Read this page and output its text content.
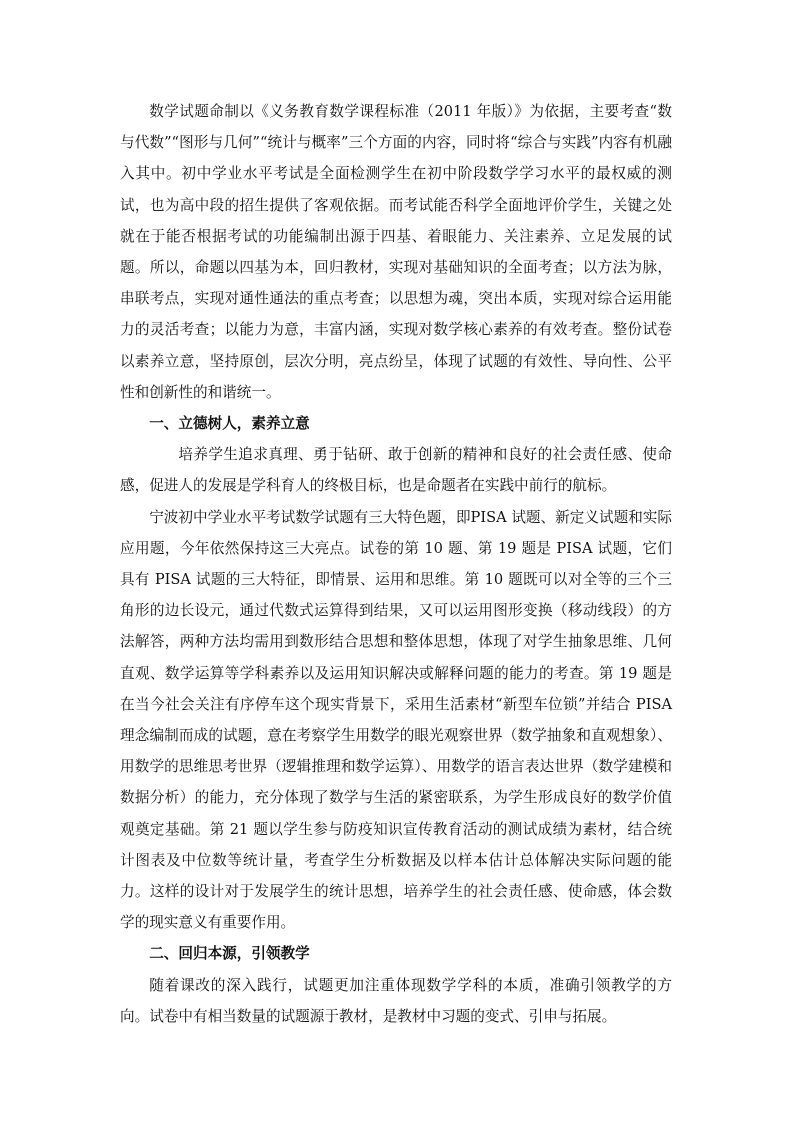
数学试题命制以《义务教育数学课程标准（2011 年版）》为依据，主要考查“数与代数”“图形与几何”“统计与概率”三个方面的内容，同时将“综合与实践”内容有机融入其中。初中学业水平考试是全面检测学生在初中阶段数学学习水平的最权威的测试，也为高中段的招生提供了客观依据。而考试能否科学全面地评价学生，关键之处就在于能否根据考试的功能编制出源于四基、着眼能力、关注素养、立足发展的试题。所以，命题以四基为本，回归教材，实现对基础知识的全面考查；以方法为脉，串联考点，实现对通性通法的重点考查；以思想为魂，突出本质，实现对综合运用能力的灵活考查；以能力为意，丰富内涵，实现对数学核心素养的有效考查。整份试卷以素养立意，坚持原创，层次分明，亮点纷呈，体现了试题的有效性、导向性、公平性和创新性的和谐统一。

一、立德树人，素养立意

培养学生追求真理、勇于钻研、敢于创新的精神和良好的社会责任感、使命感，促进人的发展是学科育人的终极目标，也是命题者在实践中前行的航标。

宁波初中学业水平考试数学试题有三大特色题，即PISA 试题、新定义试题和实际应用题，今年依然保持这三大亮点。试卷的第 10 题、第 19 题是 PISA 试题，它们具有 PISA 试题的三大特征，即情景、运用和思维。第 10 题既可以对全等的三个三角形的边长设元，通过代数式运算得到结果，又可以运用图形变换（移动线段）的方法解答，两种方法均需用到数形结合思想和整体思想，体现了对学生抽象思维、几何直观、数学运算等学科素养以及运用知识解决或解释问题的能力的考查。第 19 题是在当今社会关注有序停车这个现实背景下，采用生活素材“新型车位锁”并结合 PISA 理念编制而成的试题，意在考察学生用数学的眼光观察世界（数学抽象和直观想象）、用数学的思维思考世界（逻辑推理和数学运算）、用数学的语言表达世界（数学建模和数据分析）的能力，充分体现了数学与生活的紧密联系，为学生形成良好的数学价值观奠定基础。第 21 题以学生参与防疫知识宣传教育活动的测试成绩为素材，结合统计图表及中位数等统计量，考查学生分析数据及以样本估计总体解决实际问题的能力。这样的设计对于发展学生的统计思想，培养学生的社会责任感、使命感，体会数学的现实意义有重要作用。

二、回归本源，引领教学

随着课改的深入践行，试题更加注重体现数学学科的本质，准确引领教学的方向。试卷中有相当数量的试题源于教材，是教材中习题的变式、引申与拓展。
